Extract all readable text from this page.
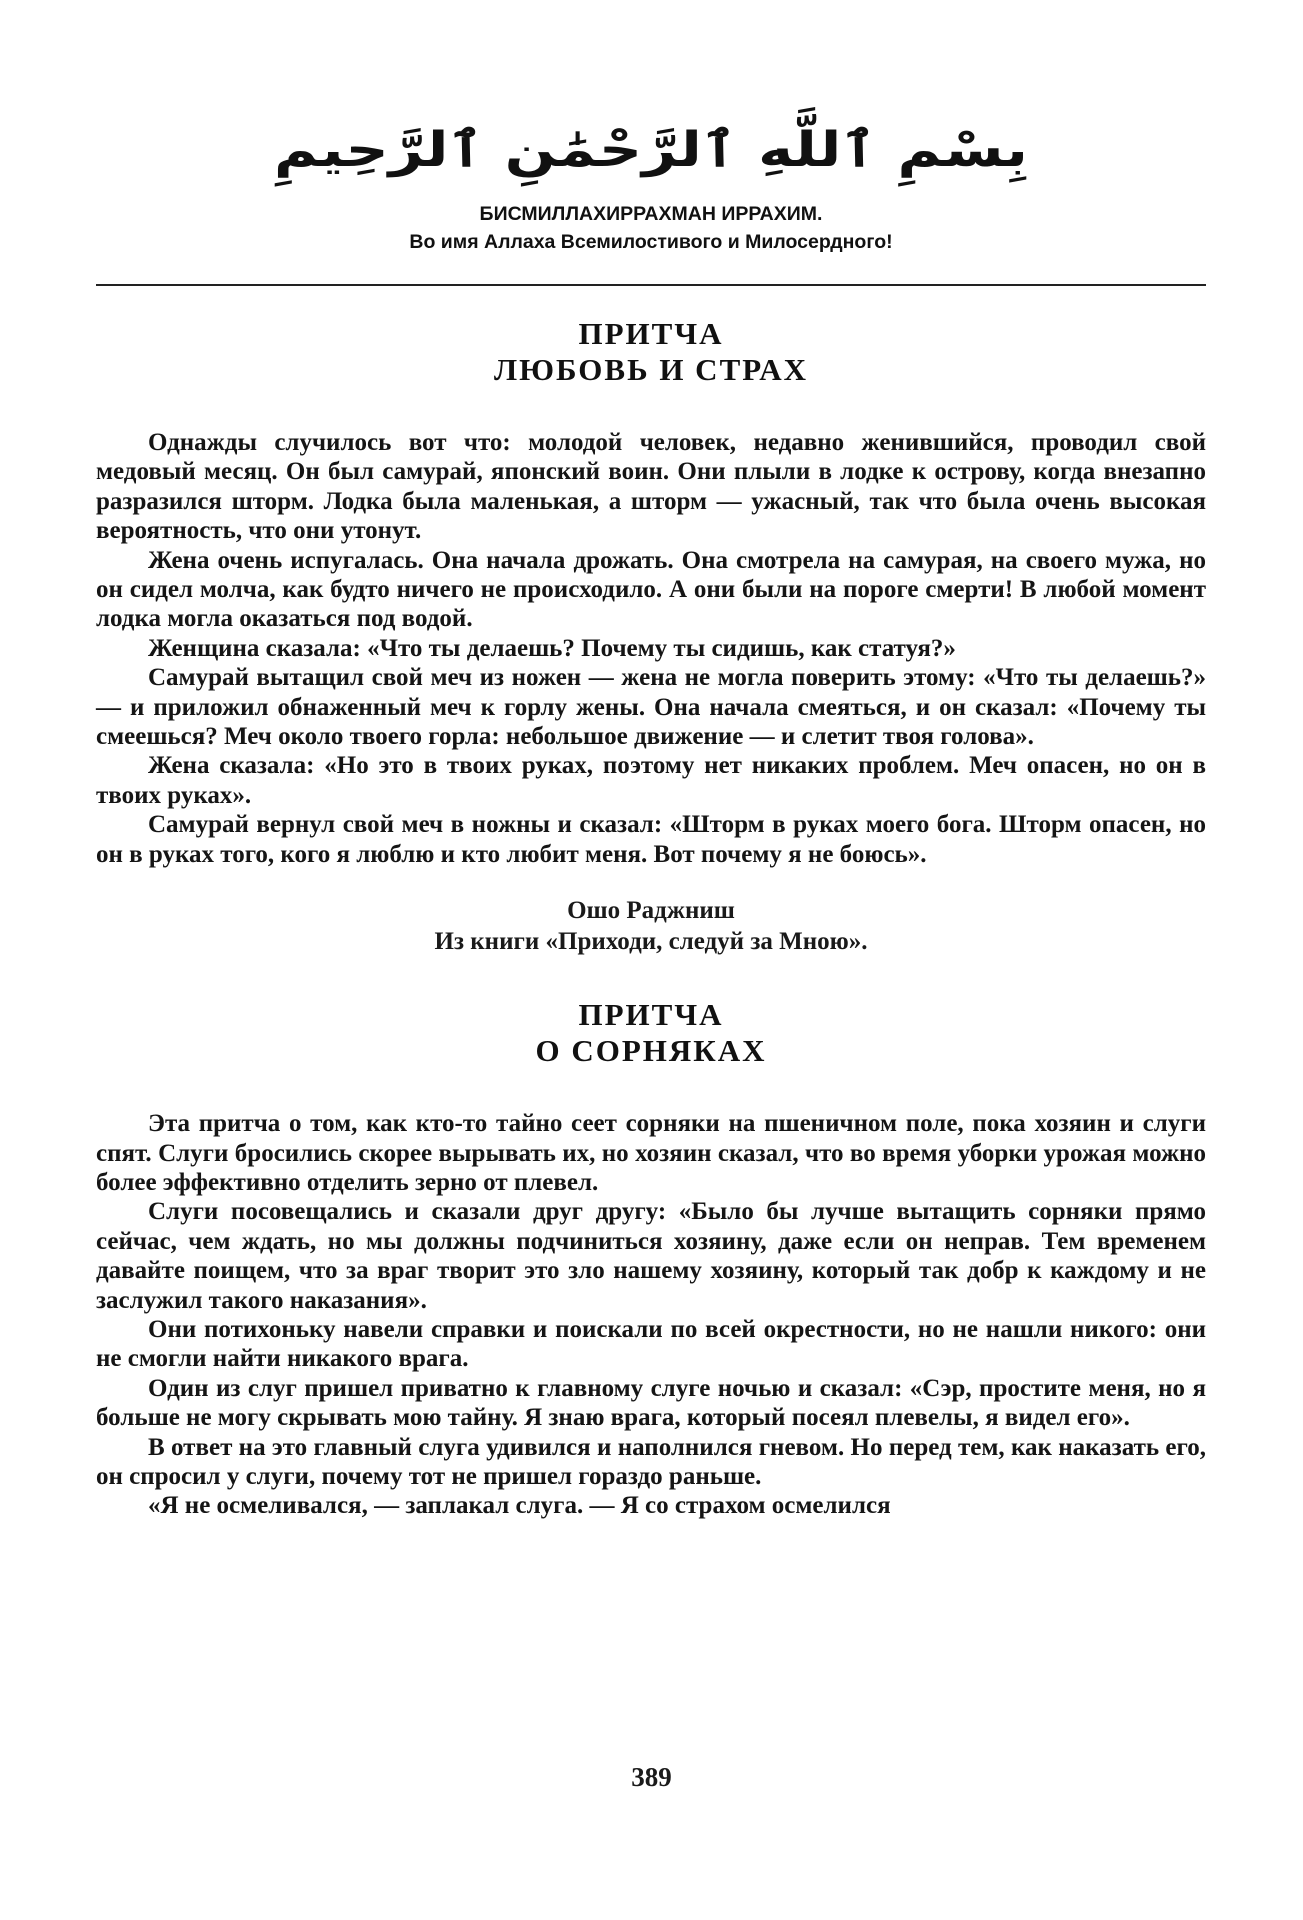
بِسْمِ ٱللَّهِ ٱلرَّحْمَٰنِ ٱلرَّحِيمِ
БИСМИЛЛАХИРРАХМАН ИРРАХИМ.
Во имя Аллаха Всемилостивого и Милосердного!
ПРИТЧА
ЛЮБОВЬ И СТРАХ

Однажды случилось вот что: молодой человек, недавно женившийся, проводил свой медовый месяц. Он был самурай, японский воин. Они плыли в лодке к острову, когда внезапно разразился шторм. Лодка была маленькая, а шторм — ужасный, так что была очень высокая вероятность, что они утонут.

Жена очень испугалась. Она начала дрожать. Она смотрела на самурая, на своего мужа, но он сидел молча, как будто ничего не происходило. А они были на пороге смерти! В любой момент лодка могла оказаться под водой.

Женщина сказала: «Что ты делаешь? Почему ты сидишь, как статуя?»

Самурай вытащил свой меч из ножен — жена не могла поверить этому: «Что ты делаешь?» — и приложил обнаженный меч к горлу жены. Она начала смеяться, и он сказал: «Почему ты смеешься? Меч около твоего горла: небольшое движение — и слетит твоя голова».

Жена сказала: «Но это в твоих руках, поэтому нет никаких проблем. Меч опасен, но он в твоих руках».

Самурай вернул свой меч в ножны и сказал: «Шторм в руках моего бога. Шторм опасен, но он в руках того, кого я люблю и кто любит меня. Вот почему я не боюсь».

Ошо Раджниш
Из книги «Приходи, следуй за Мною».
ПРИТЧА
О СОРНЯКАХ

Эта притча о том, как кто-то тайно сеет сорняки на пшеничном поле, пока хозяин и слуги спят. Слуги бросились скорее вырывать их, но хозяин сказал, что во время уборки урожая можно более эффективно отделить зерно от плевел.

Слуги посовещались и сказали друг другу: «Было бы лучше вытащить сорняки прямо сейчас, чем ждать, но мы должны подчиниться хозяину, даже если он неправ. Тем временем давайте поищем, что за враг творит это зло нашему хозяину, который так добр к каждому и не заслужил такого наказания».

Они потихоньку навели справки и поискали по всей окрестности, но не нашли никого: они не смогли найти никакого врага.

Один из слуг пришел приватно к главному слуге ночью и сказал: «Сэр, простите меня, но я больше не могу скрывать мою тайну. Я знаю врага, который посеял плевелы, я видел его».

В ответ на это главный слуга удивился и наполнился гневом. Но перед тем, как наказать его, он спросил у слуги, почему тот не пришел гораздо раньше.

«Я не осмеливался, — заплакал слуга. — Я со страхом осмелился

389
